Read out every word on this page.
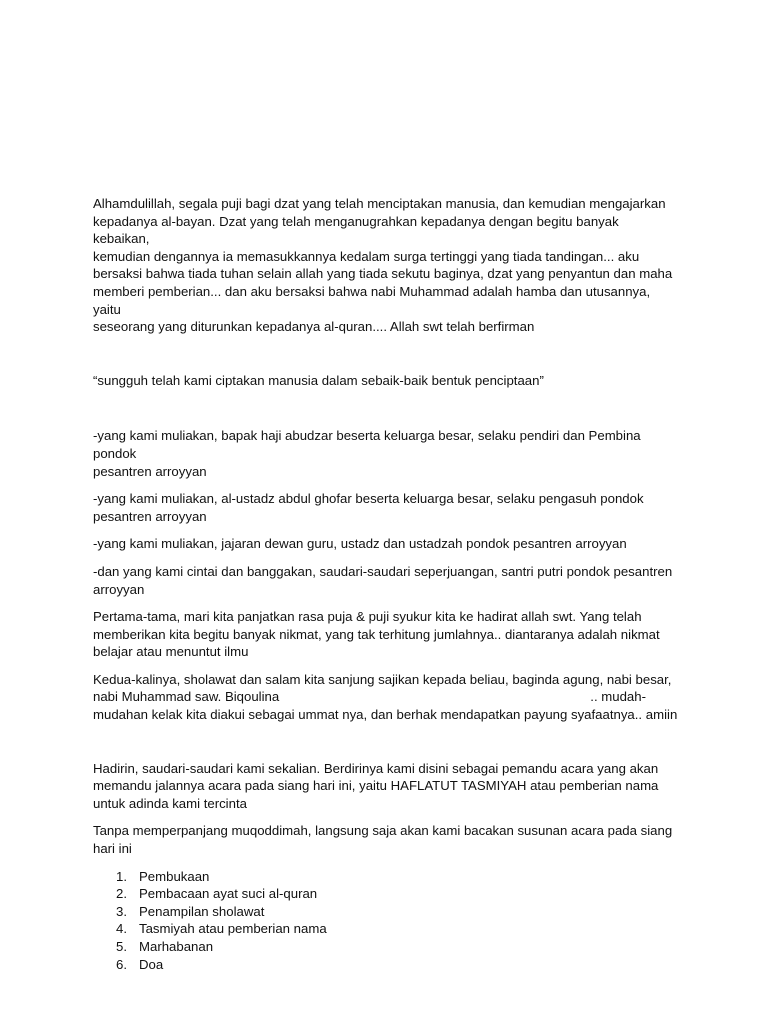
Alhamdulillah, segala puji bagi dzat yang telah menciptakan manusia, dan kemudian mengajarkan
kepadanya al-bayan. Dzat yang telah menganugrahkan kepadanya dengan begitu banyak kebaikan,
kemudian dengannya ia memasukkannya kedalam surga tertinggi yang tiada tandingan... aku
bersaksi bahwa tiada tuhan selain allah yang tiada sekutu baginya, dzat yang penyantun dan maha
memberi pemberian... dan aku bersaksi bahwa nabi Muhammad adalah hamba dan utusannya, yaitu
seseorang yang diturunkan kepadanya al-quran.... Allah swt telah berfirman

“sungguh telah kami ciptakan manusia dalam sebaik-baik bentuk penciptaan”

-yang kami muliakan, bapak haji abudzar beserta keluarga besar, selaku pendiri dan Pembina pondok
pesantren arroyyan

-yang kami muliakan, al-ustadz abdul ghofar beserta keluarga besar, selaku pengasuh pondok
pesantren arroyyan

-yang kami muliakan, jajaran dewan guru, ustadz dan ustadzah pondok pesantren arroyyan

-dan yang kami cintai dan banggakan, saudari-saudari seperjuangan, santri putri pondok pesantren
arroyyan

Pertama-tama, mari kita panjatkan rasa puja & puji syukur kita ke hadirat allah swt. Yang telah
memberikan kita begitu banyak nikmat, yang tak terhitung jumlahnya.. diantaranya adalah nikmat
belajar atau menuntut ilmu

Kedua-kalinya, sholawat dan salam kita sanjung sajikan kepada beliau, baginda agung, nabi besar,

nabi Muhammad saw. Biqoulina	.. mudah-
mudahan kelak kita diakui sebagai ummat nya, dan berhak mendapatkan payung syafaatnya.. amiin

Hadirin, saudari-saudari kami sekalian. Berdirinya kami disini sebagai pemandu acara yang akan
memandu jalannya acara pada siang hari ini, yaitu HAFLATUT TASMIYAH atau pemberian nama
untuk adinda kami tercinta

Tanpa memperpanjang muqoddimah, langsung saja akan kami bacakan susunan acara pada siang
hari ini

1. Pembukaan
2. Pembacaan ayat suci al-quran
3. Penampilan sholawat
4. Tasmiyah atau pemberian nama
5. Marhabanan
6. Doa
